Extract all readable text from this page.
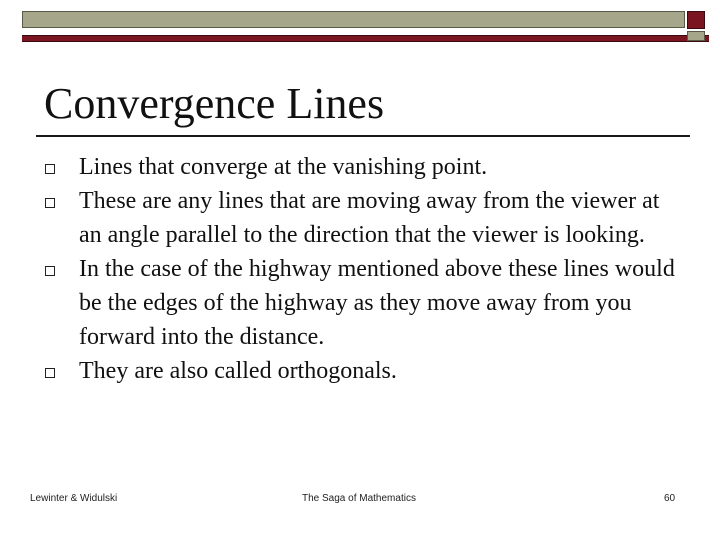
Convergence Lines
Lines that converge at the vanishing point.
These are any lines that are moving away from the viewer at an angle parallel to the direction that the viewer is looking.
In the case of the highway mentioned above these lines would be the edges of the highway as they move away from you forward into the distance.
They are also called orthogonals.
Lewinter & Widulski	The Saga of Mathematics	60
